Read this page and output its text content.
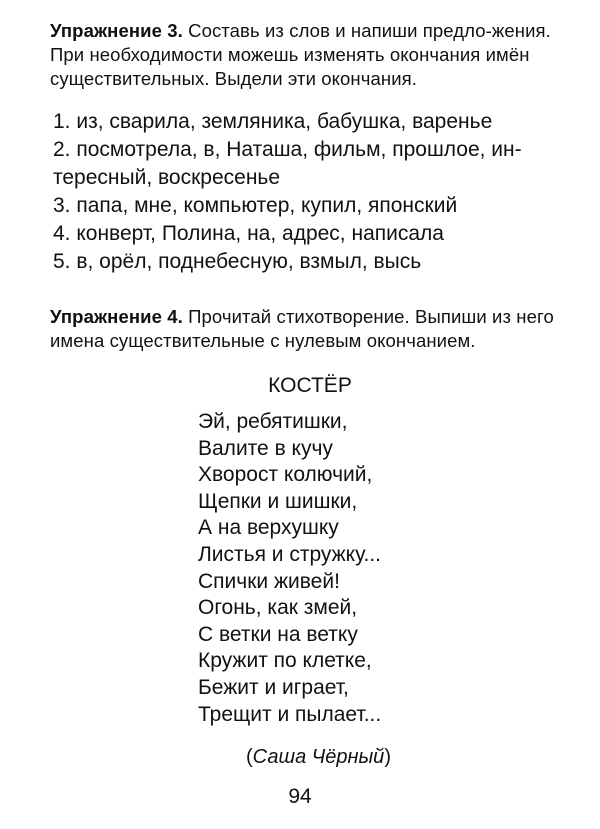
Упражнение 3. Составь из слов и напиши предло-жения. При необходимости можешь изменять окончания имён существительных. Выдели эти окончания.
1. из, сварила, земляника, бабушка, варенье
2. посмотрела, в, Наташа, фильм, прошлое, ин-тересный, воскресенье
3. папа, мне, компьютер, купил, японский
4. конверт, Полина, на, адрес, написала
5. в, орёл, поднебесную, взмыл, высь
Упражнение 4. Прочитай стихотворение. Выпиши из него имена существительные с нулевым окончанием.
КОСТЁР
Эй, ребятишки,
Валите в кучу
Хворост колючий,
Щепки и шишки,
А на верхушку
Листья и стружку...
Спички живей!
Огонь, как змей,
С ветки на ветку
Кружит по клетке,
Бежит и играет,
Трещит и пылает...
(Саша Чёрный)
94
